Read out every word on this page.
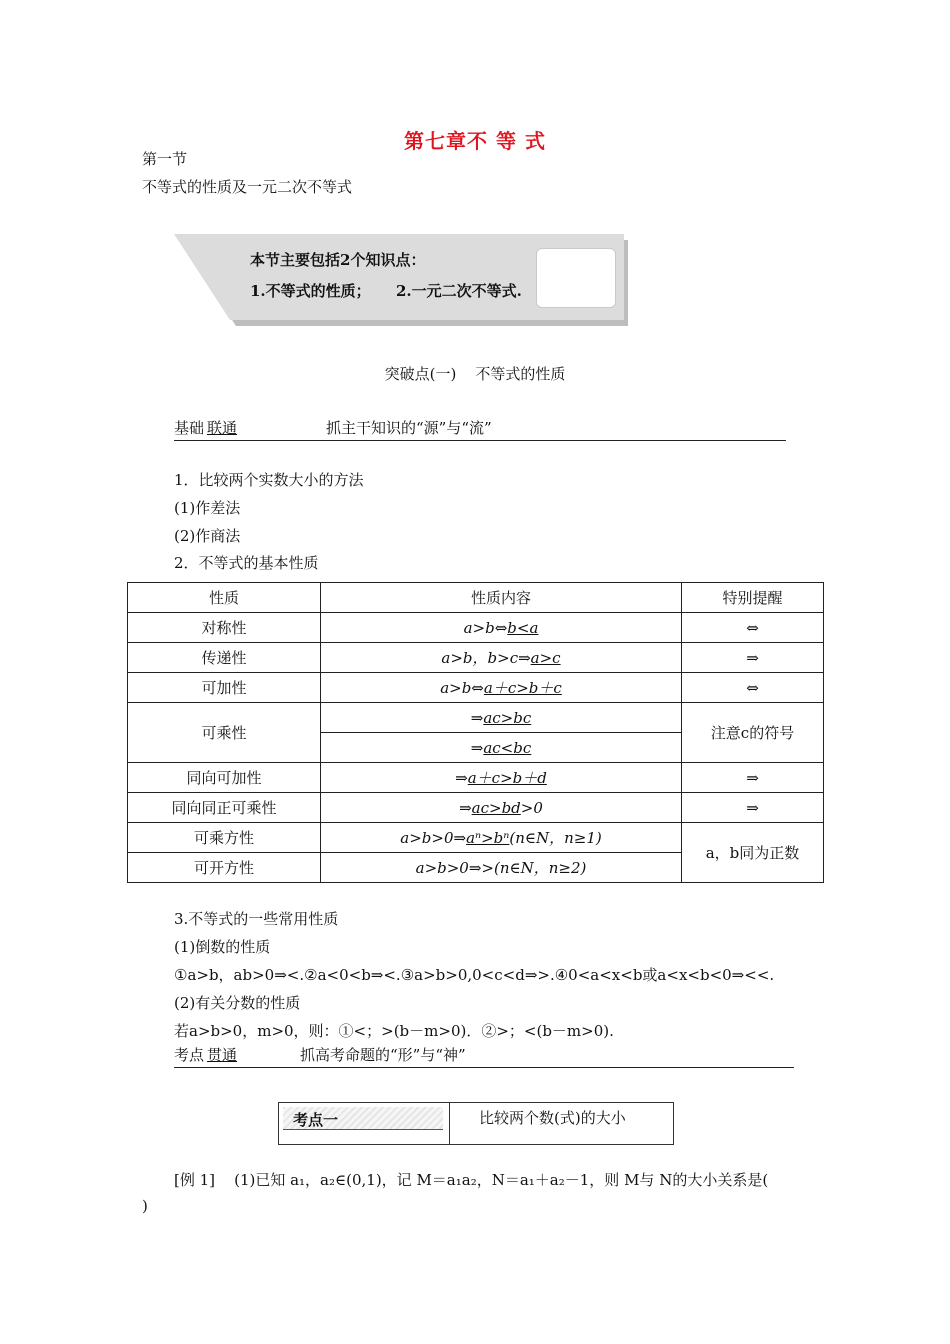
第七章不 等 式
第一节
不等式的性质及一元二次不等式
本节主要包括2个知识点：
1.不等式的性质； 2.一元二次不等式.
突破点(一)    不等式的性质
基础 联通	抓主干知识的“源”与“流”
1．比较两个实数大小的方法
(1)作差法
(2)作商法
2．不等式的基本性质
性质	性质内容	特别提醒
对称性	a>b⇔b<a	⇔
传递性	a>b，b>c⇒a>c	⇒
可加性	a>b⇔a＋c>b＋c	⇔
可乘性	⇒ac>bc	注意c的符号
	⇒ac<bc	
同向可加性	⇒a＋c>b＋d	⇒
同向同正可乘性	⇒ac>bd>0	⇒
可乘方性	a>b>0⇒aⁿ>bⁿ(n∈N，n≥1)	a，b同为正数
可开方性	a>b>0⇒>(n∈N，n≥2)	
3.不等式的一些常用性质
(1)倒数的性质
①a>b，ab>0⇒<.②a<0<b⇒<.③a>b>0,0<c<d⇒>.④0<a<x<b或a<x<b<0⇒<<.
(2)有关分数的性质
若a>b>0，m>0，则：①<；>(b－m>0)．②>；<(b－m>0).
考点 贯通	抓高考命题的“形”与“神”
考点一	比较两个数(式)的大小
[例 1]    (1)已知 a₁，a₂∈(0,1)，记 M＝a₁a₂，N＝a₁＋a₂－1，则 M与 N的大小关系是(
)
